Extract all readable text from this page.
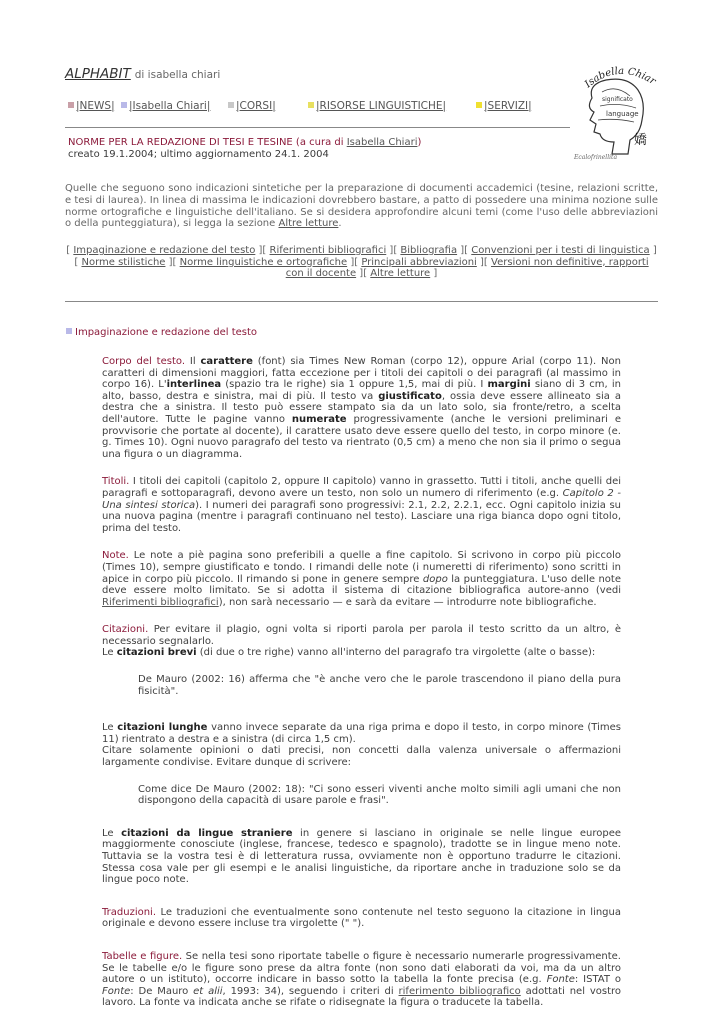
ALPHABIT di isabella chiari
|NEWS|	|Isabella Chiari|	|CORSI|	|RISORSE LINGUISTICHE|	|SERVIZI|
NORME PER LA REDAZIONE DI TESI E TESINE (a cura di Isabella Chiari)
creato 19.1.2004; ultimo aggiornamento 24.1. 2004
Isabella Chiar
significato
language
嬌
Ecalofrinellita
Quelle che seguono sono indicazioni sintetiche per la preparazione di documenti accademici (tesine, relazioni scritte, e tesi di laurea). In linea di massima le indicazioni dovrebbero bastare, a patto di possedere una minima nozione sulle norme ortografiche e linguistiche dell'italiano. Se si desidera approfondire alcuni temi (come l'uso delle abbreviazioni o della punteggiatura), si legga la sezione Altre letture.
[ Impaginazione e redazione del testo ][ Riferimenti bibliografici ][ Bibliografia ][ Convenzioni per i testi di linguistica ]
[ Norme stilistiche ][ Norme linguistiche e ortografiche ][ Principali abbreviazioni ][ Versioni non definitive, rapporti con il docente ][ Altre letture ]
Impaginazione e redazione del testo

Corpo del testo. Il carattere (font) sia Times New Roman (corpo 12), oppure Arial (corpo 11). Non caratteri di dimensioni maggiori, fatta eccezione per i titoli dei capitoli o dei paragrafi (al massimo in corpo 16). L'interlinea (spazio tra le righe) sia 1 oppure 1,5, mai di più. I margini siano di 3 cm, in alto, basso, destra e sinistra, mai di più. Il testo va giustificato, ossia deve essere allineato sia a destra che a sinistra. Il testo può essere stampato sia da un lato solo, sia fronte/retro, a scelta dell'autore. Tutte le pagine vanno numerate progressivamente (anche le versioni preliminari e provvisorie che portate al docente), il carattere usato deve essere quello del testo, in corpo minore (e. g. Times 10). Ogni nuovo paragrafo del testo va rientrato (0,5 cm) a meno che non sia il primo o segua una figura o un diagramma.

Titoli. I titoli dei capitoli (capitolo 2, oppure II capitolo) vanno in grassetto. Tutti i titoli, anche quelli dei paragrafi e sottoparagrafi, devono avere un testo, non solo un numero di riferimento (e.g. Capitolo 2 - Una sintesi storica). I numeri dei paragrafi sono progressivi: 2.1, 2.2, 2.2.1, ecc. Ogni capitolo inizia su una nuova pagina (mentre i paragrafi continuano nel testo). Lasciare una riga bianca dopo ogni titolo, prima del testo.

Note. Le note a piè pagina sono preferibili a quelle a fine capitolo. Si scrivono in corpo più piccolo (Times 10), sempre giustificato e tondo. I rimandi delle note (i numeretti di riferimento) sono scritti in apice in corpo più piccolo. Il rimando si pone in genere sempre dopo la punteggiatura. L'uso delle note deve essere molto limitato. Se si adotta il sistema di citazione bibliografica autore-anno (vedi Riferimenti bibliografici), non sarà necessario — e sarà da evitare — introdurre note bibliografiche.

Citazioni. Per evitare il plagio, ogni volta si riporti parola per parola il testo scritto da un altro, è necessario segnalarlo.
Le citazioni brevi (di due o tre righe) vanno all'interno del paragrafo tra virgolette (alte o basse):

De Mauro (2002: 16) afferma che "è anche vero che le parole trascendono il piano della pura fisicità".

Le citazioni lunghe vanno invece separate da una riga prima e dopo il testo, in corpo minore (Times 11) rientrato a destra e a sinistra (di circa 1,5 cm).
Citare solamente opinioni o dati precisi, non concetti dalla valenza universale o affermazioni largamente condivise. Evitare dunque di scrivere:

Come dice De Mauro (2002: 18): "Ci sono esseri viventi anche molto simili agli umani che non dispongono della capacità di usare parole e frasi".

Le citazioni da lingue straniere in genere si lasciano in originale se nelle lingue europee maggiormente conosciute (inglese, francese, tedesco e spagnolo), tradotte se in lingue meno note. Tuttavia se la vostra tesi è di letteratura russa, ovviamente non è opportuno tradurre le citazioni. Stessa cosa vale per gli esempi e le analisi linguistiche, da riportare anche in traduzione solo se da lingue poco note.

Traduzioni. Le traduzioni che eventualmente sono contenute nel testo seguono la citazione in lingua originale e devono essere incluse tra virgolette (" ").

Tabelle e figure. Se nella tesi sono riportate tabelle o figure è necessario numerarle progressivamente. Se le tabelle e/o le figure sono prese da altra fonte (non sono dati elaborati da voi, ma da un altro autore o un istituto), occorre indicare in basso sotto la tabella la fonte precisa (e.g. Fonte: ISTAT o Fonte: De Mauro et alii, 1993: 34), seguendo i criteri di riferimento bibliografico adottati nel vostro lavoro. La fonte va indicata anche se rifate o ridisegnate la figura o traducete la tabella.
